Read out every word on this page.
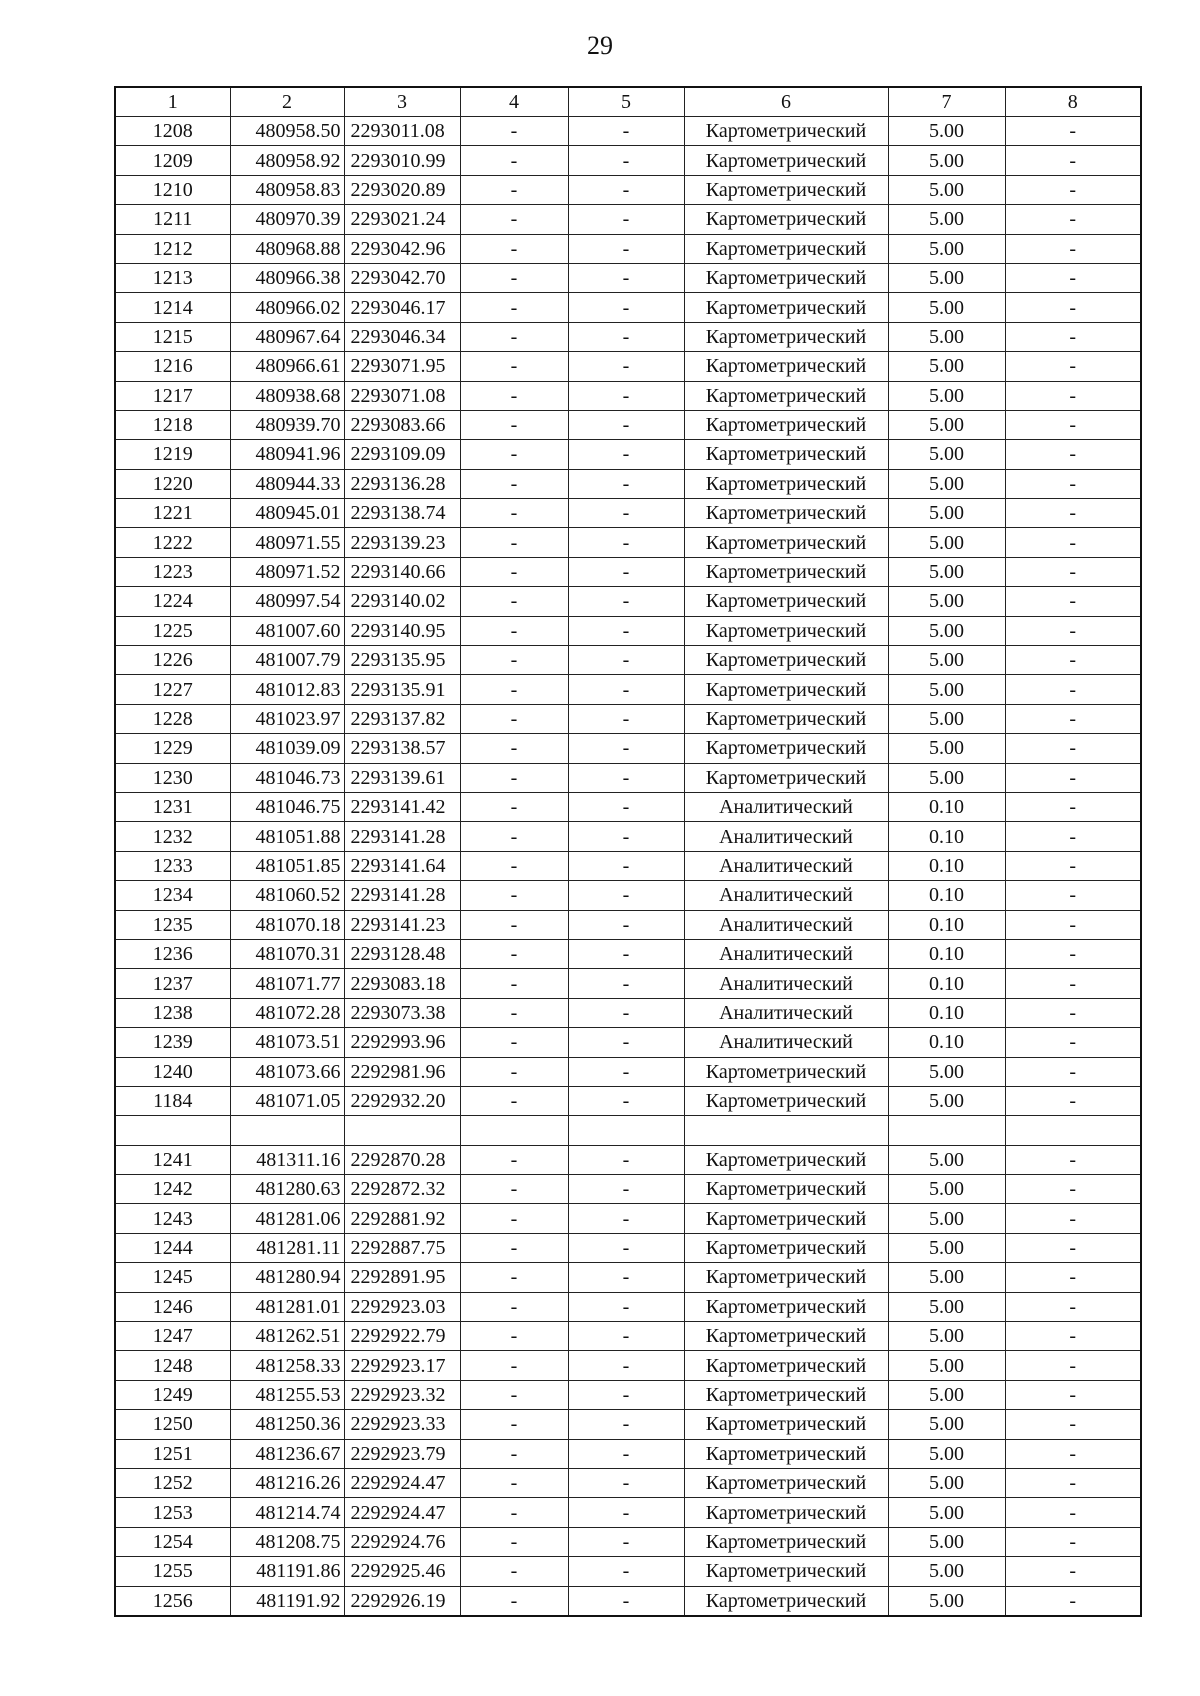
29
1	2	3	4	5	6	7	8
1208	480958.50	2293011.08	-	-	Картометрический	5.00	-
1209	480958.92	2293010.99	-	-	Картометрический	5.00	-
1210	480958.83	2293020.89	-	-	Картометрический	5.00	-
1211	480970.39	2293021.24	-	-	Картометрический	5.00	-
1212	480968.88	2293042.96	-	-	Картометрический	5.00	-
1213	480966.38	2293042.70	-	-	Картометрический	5.00	-
1214	480966.02	2293046.17	-	-	Картометрический	5.00	-
1215	480967.64	2293046.34	-	-	Картометрический	5.00	-
1216	480966.61	2293071.95	-	-	Картометрический	5.00	-
1217	480938.68	2293071.08	-	-	Картометрический	5.00	-
1218	480939.70	2293083.66	-	-	Картометрический	5.00	-
1219	480941.96	2293109.09	-	-	Картометрический	5.00	-
1220	480944.33	2293136.28	-	-	Картометрический	5.00	-
1221	480945.01	2293138.74	-	-	Картометрический	5.00	-
1222	480971.55	2293139.23	-	-	Картометрический	5.00	-
1223	480971.52	2293140.66	-	-	Картометрический	5.00	-
1224	480997.54	2293140.02	-	-	Картометрический	5.00	-
1225	481007.60	2293140.95	-	-	Картометрический	5.00	-
1226	481007.79	2293135.95	-	-	Картометрический	5.00	-
1227	481012.83	2293135.91	-	-	Картометрический	5.00	-
1228	481023.97	2293137.82	-	-	Картометрический	5.00	-
1229	481039.09	2293138.57	-	-	Картометрический	5.00	-
1230	481046.73	2293139.61	-	-	Картометрический	5.00	-
1231	481046.75	2293141.42	-	-	Аналитический	0.10	-
1232	481051.88	2293141.28	-	-	Аналитический	0.10	-
1233	481051.85	2293141.64	-	-	Аналитический	0.10	-
1234	481060.52	2293141.28	-	-	Аналитический	0.10	-
1235	481070.18	2293141.23	-	-	Аналитический	0.10	-
1236	481070.31	2293128.48	-	-	Аналитический	0.10	-
1237	481071.77	2293083.18	-	-	Аналитический	0.10	-
1238	481072.28	2293073.38	-	-	Аналитический	0.10	-
1239	481073.51	2292993.96	-	-	Аналитический	0.10	-
1240	481073.66	2292981.96	-	-	Картометрический	5.00	-
1184	481071.05	2292932.20	-	-	Картометрический	5.00	-

1241	481311.16	2292870.28	-	-	Картометрический	5.00	-
1242	481280.63	2292872.32	-	-	Картометрический	5.00	-
1243	481281.06	2292881.92	-	-	Картометрический	5.00	-
1244	481281.11	2292887.75	-	-	Картометрический	5.00	-
1245	481280.94	2292891.95	-	-	Картометрический	5.00	-
1246	481281.01	2292923.03	-	-	Картометрический	5.00	-
1247	481262.51	2292922.79	-	-	Картометрический	5.00	-
1248	481258.33	2292923.17	-	-	Картометрический	5.00	-
1249	481255.53	2292923.32	-	-	Картометрический	5.00	-
1250	481250.36	2292923.33	-	-	Картометрический	5.00	-
1251	481236.67	2292923.79	-	-	Картометрический	5.00	-
1252	481216.26	2292924.47	-	-	Картометрический	5.00	-
1253	481214.74	2292924.47	-	-	Картометрический	5.00	-
1254	481208.75	2292924.76	-	-	Картометрический	5.00	-
1255	481191.86	2292925.46	-	-	Картометрический	5.00	-
1256	481191.92	2292926.19	-	-	Картометрический	5.00	-
